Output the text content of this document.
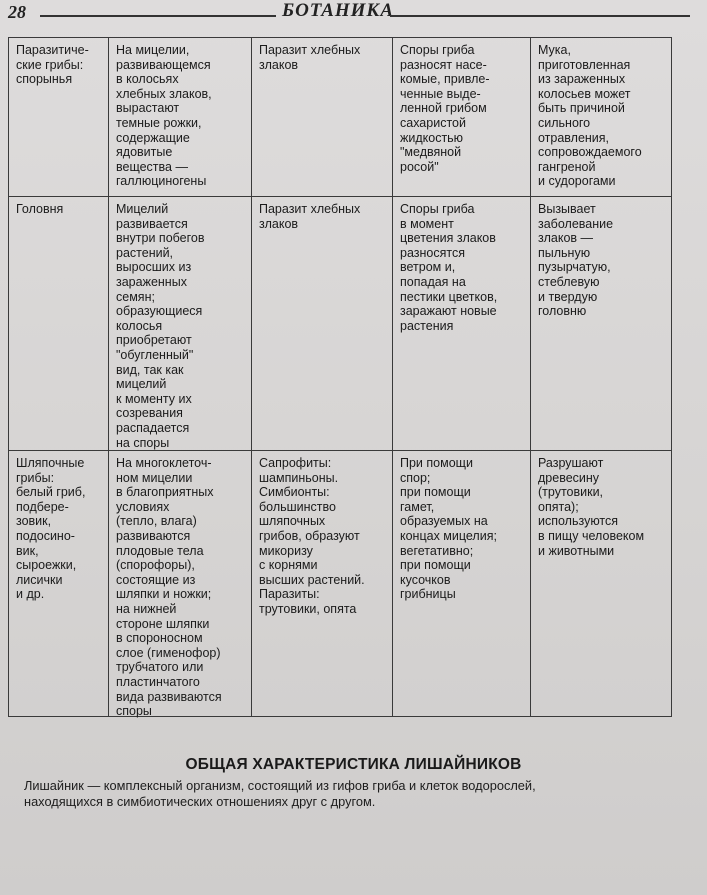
28	БОТАНИКА
Паразитиче-
ские грибы:
спорынья
На мицелии,
развивающемся
в колосьях
хлебных злаков,
вырастают
темные рожки,
содержащие
ядовитые
вещества —
галлюциногены
Паразит хлебных
злаков
Споры гриба
разносят насе-
комые, привле-
ченные выде-
ленной грибом
сахаристой
жидкостью
"медвяной
росой"
Мука,
приготовленная
из зараженных
колосьев может
быть причиной
сильного
отравления,
сопровождаемого
гангреной
и судорогами
Головня	Мицелий
развивается
внутри побегов
растений,
выросших из
зараженных
семян;
образующиеся
колосья
приобретают
"обугленный"
вид, так как
мицелий
к моменту их
созревания
распадается
на споры
Паразит хлебных
злаков
Споры гриба
в момент
цветения злаков
разносятся
ветром и,
попадая на
пестики цветков,
заражают новые
растения
Вызывает
заболевание
злаков —
пыльную
пузырчатую,
стеблевую
и твердую
головню
Шляпочные
грибы:
белый гриб,
подбере-
зовик,
подосино-
вик,
сыроежки,
лисички
и др.
На многоклеточ-
ном мицелии
в благоприятных
условиях
(тепло, влага)
развиваются
плодовые тела
(спорофоры),
состоящие из
шляпки и ножки;
на нижней
стороне шляпки
в спороносном
слое (гименофор)
трубчатого или
пластинчатого
вида развиваются
споры
Сапрофиты:
шампиньоны.
Симбионты:
большинство
шляпочных
грибов, образуют
микоризу
с корнями
высших растений.
Паразиты:
трутовики, опята
При помощи
спор;
при помощи
гамет,
образуемых на
концах мицелия;
вегетативно;
при помощи
кусочков
грибницы
Разрушают
древесину
(трутовики,
опята);
используются
в пищу человеком
и животными
ОБЩАЯ ХАРАКТЕРИСТИКА ЛИШАЙНИКОВ
Лишайник — комплексный организм, состоящий из гифов гриба и клеток водорослей,
находящихся в симбиотических отношениях друг с другом.
